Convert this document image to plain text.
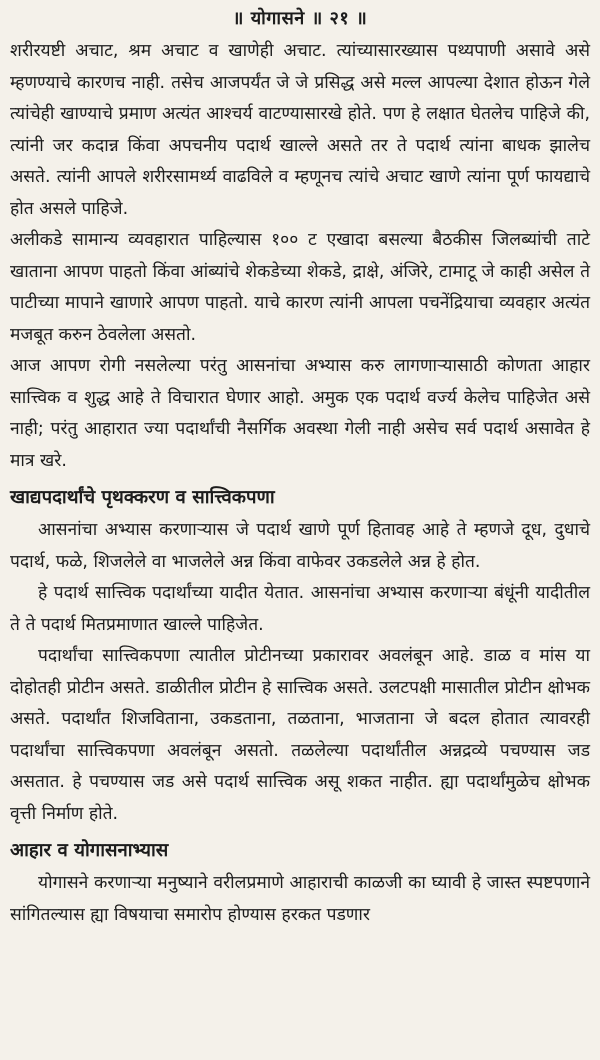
॥ योगासने ॥ २१ ॥

शरीरयष्टी अचाट, श्रम अचाट व खाणेही अचाट. त्यांच्यासारख्यास पथ्यपाणी असावे असे म्हणण्याचे कारणच नाही. तसेच आजपर्यंत जे जे प्रसिद्ध असे मल्ल आपल्या देशात होऊन गेले त्यांचेही खाण्याचे प्रमाण अत्यंत आश्चर्य वाटण्यासारखे होते. पण हे लक्षात घेतलेच पाहिजे की, त्यांनी जर कदान्न किंवा अपचनीय पदार्थ खाल्ले असते तर ते पदार्थ त्यांना बाधक झालेच असते. त्यांनी आपले शरीरसामर्थ्य वाढविले व म्हणूनच त्यांचे अचाट खाणे त्यांना पूर्ण फायद्याचे होत असले पाहिजे.

अलीकडे सामान्य व्यवहारात पाहिल्यास १०० ट एखादा बसल्या बैठकीस जिलब्यांची ताटे खाताना आपण पाहतो किंवा आंब्यांचे शेकडेच्या शेकडे, द्राक्षे, अंजिरे, टामाटू जे काही असेल ते पाटीच्या मापाने खाणारे आपण पाहतो. याचे कारण त्यांनी आपला पचनेंद्रियाचा व्यवहार अत्यंत मजबूत करुन ठेवलेला असतो.

आज आपण रोगी नसलेल्या परंतु आसनांचा अभ्यास करु लागणाऱ्यासाठी कोणता आहार सात्त्विक व शुद्ध आहे ते विचारात घेणार आहो. अमुक एक पदार्थ वर्ज्य केलेच पाहिजेत असे नाही; परंतु आहारात ज्या पदार्थांची नैसर्गिक अवस्था गेली नाही असेच सर्व पदार्थ असावेत हे मात्र खरे.

खाद्यपदार्थांचे पृथक्करण व सात्त्विकपणा

आसनांचा अभ्यास करणाऱ्यास जे पदार्थ खाणे पूर्ण हितावह आहे ते म्हणजे दूध, दुधाचे पदार्थ, फळे, शिजलेले वा भाजलेले अन्न किंवा वाफेवर उकडलेले अन्न हे होत.

हे पदार्थ सात्त्विक पदार्थांच्या यादीत येतात. आसनांचा अभ्यास करणाऱ्या बंधूंनी यादीतील ते ते पदार्थ मितप्रमाणात खाल्ले पाहिजेत.

पदार्थांचा सात्त्विकपणा त्यातील प्रोटीनच्या प्रकारावर अवलंबून आहे. डाळ व मांस या दोहोतही प्रोटीन असते. डाळीतील प्रोटीन हे सात्त्विक असते. उलटपक्षी मासातील प्रोटीन क्षोभक असते. पदार्थांत शिजविताना, उकडताना, तळताना, भाजताना जे बदल होतात त्यावरही पदार्थांचा सात्त्विकपणा अवलंबून असतो. तळलेल्या पदार्थांतील अन्नद्रव्ये पचण्यास जड असतात. हे पचण्यास जड असे पदार्थ सात्त्विक असू शकत नाहीत. ह्या पदार्थांमुळेच क्षोभक वृत्ती निर्माण होते.

आहार व योगासनाभ्यास

योगासने करणाऱ्या मनुष्याने वरीलप्रमाणे आहाराची काळजी का घ्यावी हे जास्त स्पष्टपणाने सांगितल्यास ह्या विषयाचा समारोप होण्यास हरकत पडणार
